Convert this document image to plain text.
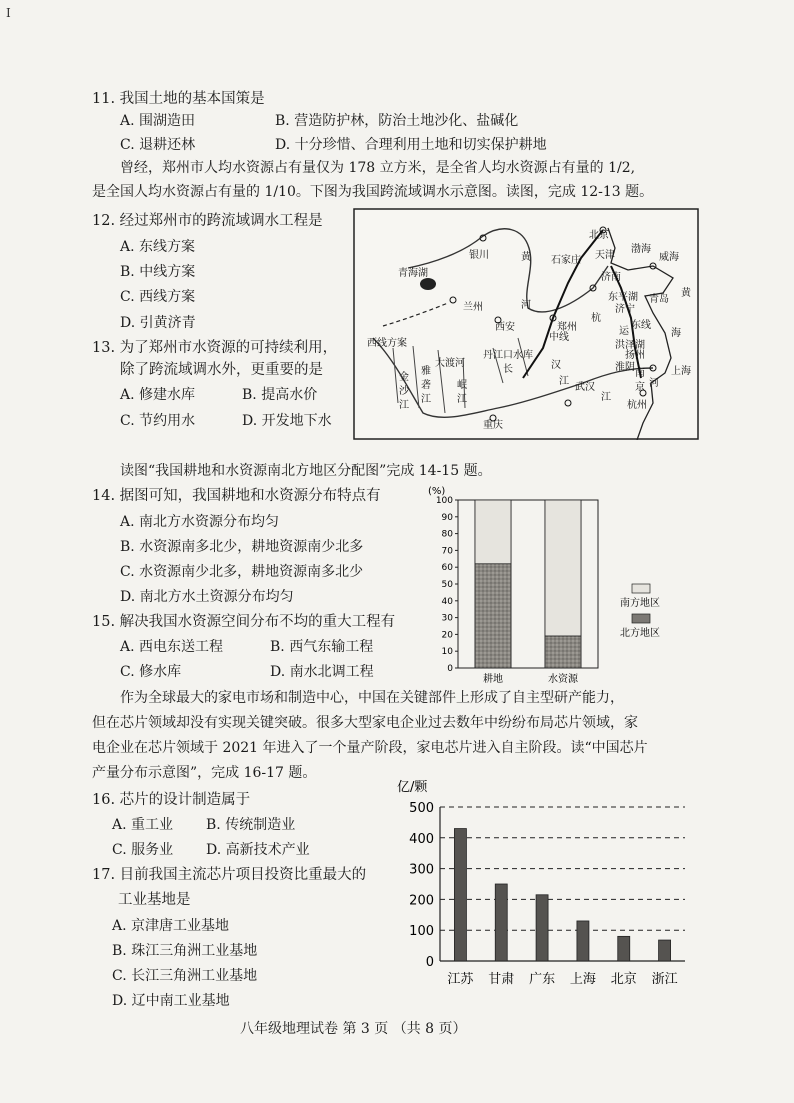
I
11. 我国土地的基本国策是
A. 围湖造田	B. 营造防护林，防治土地沙化、盐碱化
C. 退耕还林	D. 十分珍惜、合理利用土地和切实保护耕地
曾经，郑州市人均水资源占有量仅为 178 立方米，是全省人均水资源占有量的 1/2,
是全国人均水资源占有量的 1/10。下图为我国跨流域调水示意图。读图，完成 12-13 题。
12. 经过郑州市的跨流域调水工程是
A. 东线方案
B. 中线方案
C. 西线方案
D. 引黄济青
13. 为了郑州市水资源的可持续利用，
除了跨流域调水外，更重要的是
A. 修建水库	B. 提高水价
C. 节约用水	D. 开发地下水
北京
天津
渤海
威海
青海湖
银川	黄 石家庄
济南
东平湖
济宁
青岛
黄
兰州	河
西安
杭
郑州	运
东线
海
中线
洪泽湖
西线方案
丹江口水库
汉	淮阴
扬州
上海
金
沙
江
雅
砻
江
大渡河
岷
江
长
江
武汉
南
京 河
杭州
江
重庆
读图“我国耕地和水资源南北方地区分配图”完成 14-15 题。
14. 据图可知，我国耕地和水资源分布特点有
A. 南北方水资源分布均匀
B. 水资源南多北少，耕地资源南少北多
C. 水资源南少北多，耕地资源南多北少
D. 南北方水土资源分布均匀
15. 解决我国水资源空间分布不均的重大工程有
A. 西电东送工程	B. 西气东输工程
C. 修水库	D. 南水北调工程
(%)
0
10
20
30
40
50
60
70
80
90
100
耕地	水资源
南方地区
北方地区
作为全球最大的家电市场和制造中心，中国在关键部件上形成了自主型研产能力，
但在芯片领域却没有实现关键突破。很多大型家电企业过去数年中纷纷布局芯片领域，家
电企业在芯片领域于 2021 年进入了一个量产阶段，家电芯片进入自主阶段。读“中国芯片
产量分布示意图”，完成 16-17 题。
16. 芯片的设计制造属于
A. 重工业 B. 传统制造业
C. 服务业 D. 高新技术产业
17. 目前我国主流芯片项目投资比重最大的
工业基地是
A. 京津唐工业基地
B. 珠江三角洲工业基地
C. 长江三角洲工业基地
D. 辽中南工业基地
亿/颗
0
100
200
300
400
500
江苏 甘肃 广东 上海 北京 浙江
八年级地理试卷 第 3 页 （共 8 页）
